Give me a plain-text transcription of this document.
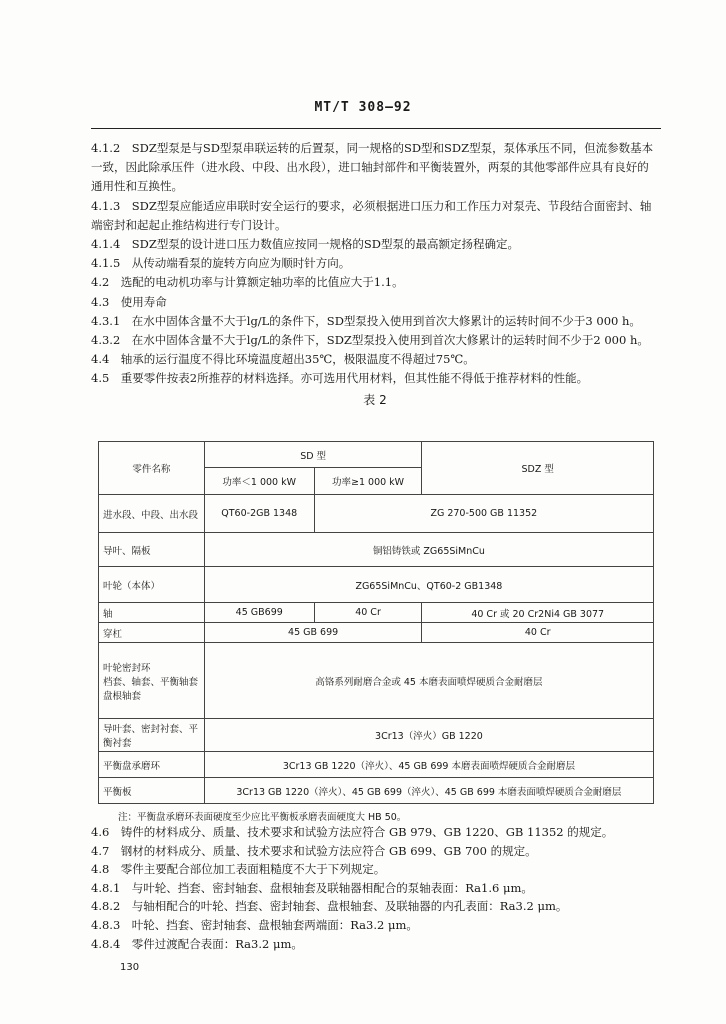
MT/T 308—92

4.1.2　SDZ型泵是与SD型泵串联运转的后置泵，同一规格的SD型和SDZ型泵，泵体承压不同，但流参数基本一致，因此除承压件（进水段、中段、出水段），进口轴封部件和平衡装置外，两泵的其他零部件应具有良好的通用性和互换性。

4.1.3　SDZ型泵应能适应串联时安全运行的要求，必须根据进口压力和工作压力对泵壳、节段结合面密封、轴端密封和起起止推结构进行专门设计。

4.1.4　SDZ型泵的设计进口压力数值应按同一规格的SD型泵的最高额定扬程确定。

4.1.5　从传动端看泵的旋转方向应为顺时针方向。

4.2　选配的电动机功率与计算额定轴功率的比值应大于1.1。

4.3　使用寿命

4.3.1　在水中固体含量不大于lg/L的条件下，SD型泵投入使用到首次大修累计的运转时间不少于3 000 h。

4.3.2　在水中固体含量不大于lg/L的条件下，SDZ型泵投入使用到首次大修累计的运转时间不少于2 000 h。

4.4　轴承的运行温度不得比环境温度超出35℃，极限温度不得超过75℃。

4.5　重要零件按表2所推荐的材料选择。亦可选用代用材料，但其性能不得低于推荐材料的性能。

表 2
零件名称	SD 型		SDZ 型
	功率＜1 000 kW	功率≥1 000 kW	
进水段、中段、出水段	QT60-2GB 1348	ZG 270-500 GB 11352	
导叶、隔板	铜铝铸铁或 ZG65SiMnCu		
叶轮（本体）	ZG65SiMnCu、QT60-2 GB1348		
轴	45 GB699	40 Cr	40 Cr 或 20 Cr2Ni4 GB 3077
穿杠	45 GB 699		40 Cr

叶轮密封环
档套、轴套、平衡轴套
盘根轴套	高铬系列耐磨合金或 45 本磨表面喷焊硬质合金耐磨层		
导叶套、密封衬套、平衡衬套	3Cr13（淬火）GB 1220		
平衡盘承磨环	3Cr13 GB 1220（淬火）、45 GB 699 本磨表面喷焊硬质合金耐磨层		
平衡板	3Cr13 GB 1220（淬火）、45 GB 699（淬火）、45 GB 699 本磨表面喷焊硬质合金耐磨层		
注：平衡盘承磨环表面硬度至少应比平衡板承磨表面硬度大 HB 50。

4.6　铸件的材料成分、质量、技术要求和试验方法应符合 GB 979、GB 1220、GB 11352 的规定。

4.7　钢材的材料成分、质量、技术要求和试验方法应符合 GB 699、GB 700 的规定。

4.8　零件主要配合部位加工表面粗糙度不大于下列规定。

4.8.1　与叶轮、挡套、密封轴套、盘根轴套及联轴器相配合的泵轴表面：Ra1.6 μm。

4.8.2　与轴相配合的叶轮、挡套、密封轴套、盘根轴套、及联轴器的内孔表面：Ra3.2 μm。

4.8.3　叶轮、挡套、密封轴套、盘根轴套两端面：Ra3.2 μm。

4.8.4　零件过渡配合表面：Ra3.2 μm。

130
